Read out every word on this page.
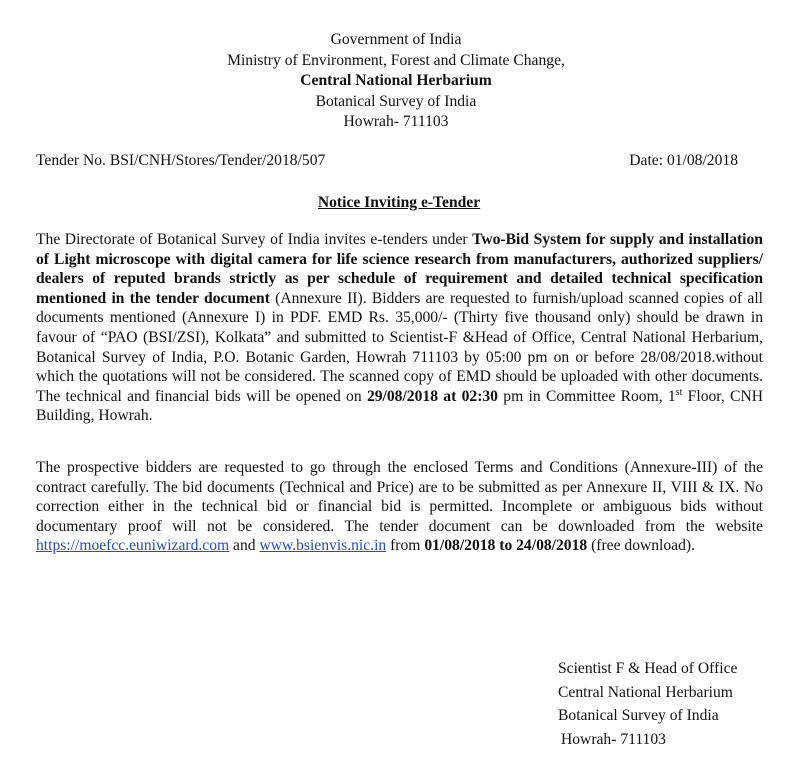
Government of India
Ministry of Environment, Forest and Climate Change,
Central National Herbarium
Botanical Survey of India
Howrah- 711103
Tender No. BSI/CNH/Stores/Tender/2018/507	Date: 01/08/2018
Notice Inviting e-Tender
The Directorate of Botanical Survey of India invites e-tenders under Two-Bid System for supply and installation of Light microscope with digital camera for life science research from manufacturers, authorized suppliers/ dealers of reputed brands strictly as per schedule of requirement and detailed technical specification mentioned in the tender document (Annexure II). Bidders are requested to furnish/upload scanned copies of all documents mentioned (Annexure I) in PDF. EMD Rs. 35,000/- (Thirty five thousand only) should be drawn in favour of “PAO (BSI/ZSI), Kolkata” and submitted to Scientist-F &Head of Office, Central National Herbarium, Botanical Survey of India, P.O. Botanic Garden, Howrah 711103 by 05:00 pm on or before 28/08/2018.without which the quotations will not be considered. The scanned copy of EMD should be uploaded with other documents. The technical and financial bids will be opened on 29/08/2018 at 02:30 pm in Committee Room, 1st Floor, CNH Building, Howrah.
The prospective bidders are requested to go through the enclosed Terms and Conditions (Annexure-III) of the contract carefully. The bid documents (Technical and Price) are to be submitted as per Annexure II, VIII & IX. No correction either in the technical bid or financial bid is permitted. Incomplete or ambiguous bids without documentary proof will not be considered. The tender document can be downloaded from the website https://moefcc.euniwizard.com and www.bsienvis.nic.in from 01/08/2018 to 24/08/2018 (free download).
Scientist F & Head of Office
Central National Herbarium
Botanical Survey of India
Howrah- 711103
